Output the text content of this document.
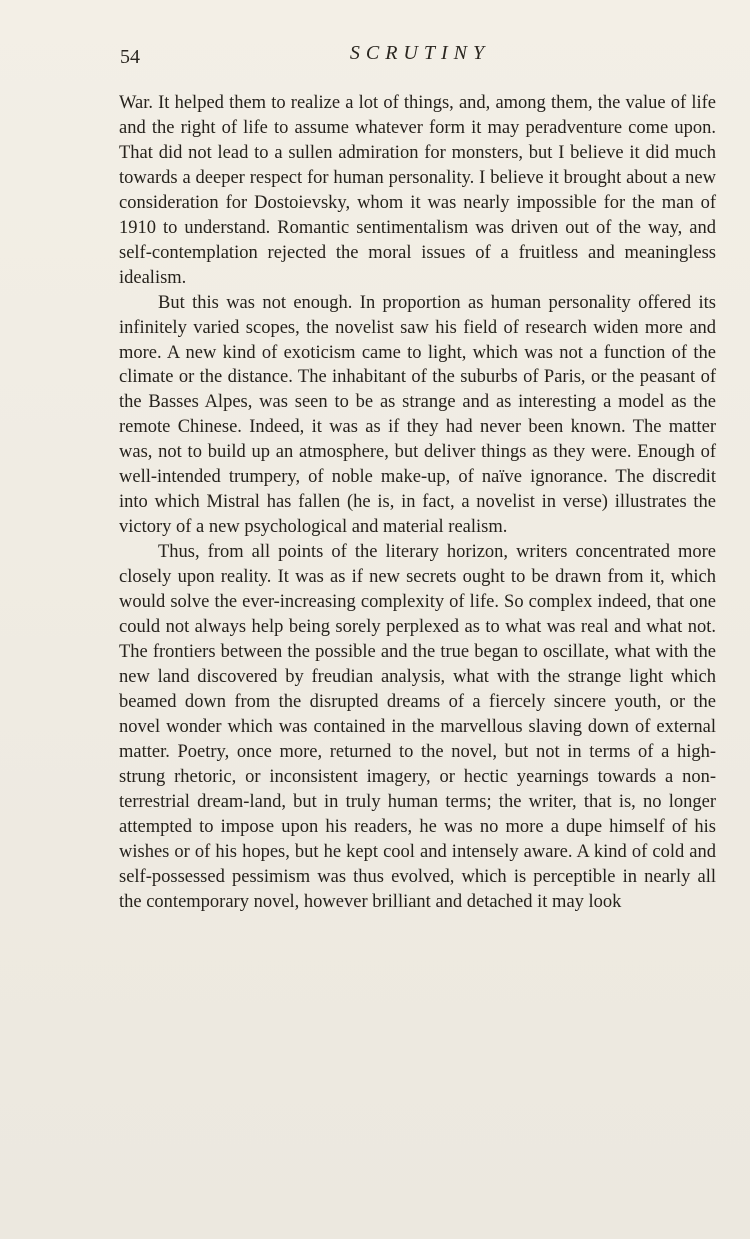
54	SCRUTINY

War. It helped them to realize a lot of things, and, among them, the value of life and the right of life to assume whatever form it may peradventure come upon. That did not lead to a sullen admiration for monsters, but I believe it did much towards a deeper respect for human personality. I believe it brought about a new consideration for Dostoievsky, whom it was nearly impossible for the man of 1910 to understand. Romantic sentimentalism was driven out of the way, and self-contemplation rejected the moral issues of a fruitless and meaningless idealism.

But this was not enough. In proportion as human personality offered its infinitely varied scopes, the novelist saw his field of research widen more and more. A new kind of exoticism came to light, which was not a function of the climate or the distance. The inhabitant of the suburbs of Paris, or the peasant of the Basses Alpes, was seen to be as strange and as interesting a model as the remote Chinese. Indeed, it was as if they had never been known. The matter was, not to build up an atmosphere, but deliver things as they were. Enough of well-intended trumpery, of noble make-up, of naïve ignorance. The discredit into which Mistral has fallen (he is, in fact, a novelist in verse) illustrates the victory of a new psychological and material realism.

Thus, from all points of the literary horizon, writers concentrated more closely upon reality. It was as if new secrets ought to be drawn from it, which would solve the ever-increasing complexity of life. So complex indeed, that one could not always help being sorely perplexed as to what was real and what not. The frontiers between the possible and the true began to oscillate, what with the new land discovered by freudian analysis, what with the strange light which beamed down from the disrupted dreams of a fiercely sincere youth, or the novel wonder which was contained in the marvellous slaving down of external matter. Poetry, once more, returned to the novel, but not in terms of a high-strung rhetoric, or inconsistent imagery, or hectic yearnings towards a non-terrestrial dream-land, but in truly human terms; the writer, that is, no longer attempted to impose upon his readers, he was no more a dupe himself of his wishes or of his hopes, but he kept cool and intensely aware. A kind of cold and self-possessed pessimism was thus evolved, which is perceptible in nearly all the contemporary novel, however brilliant and detached it may look
